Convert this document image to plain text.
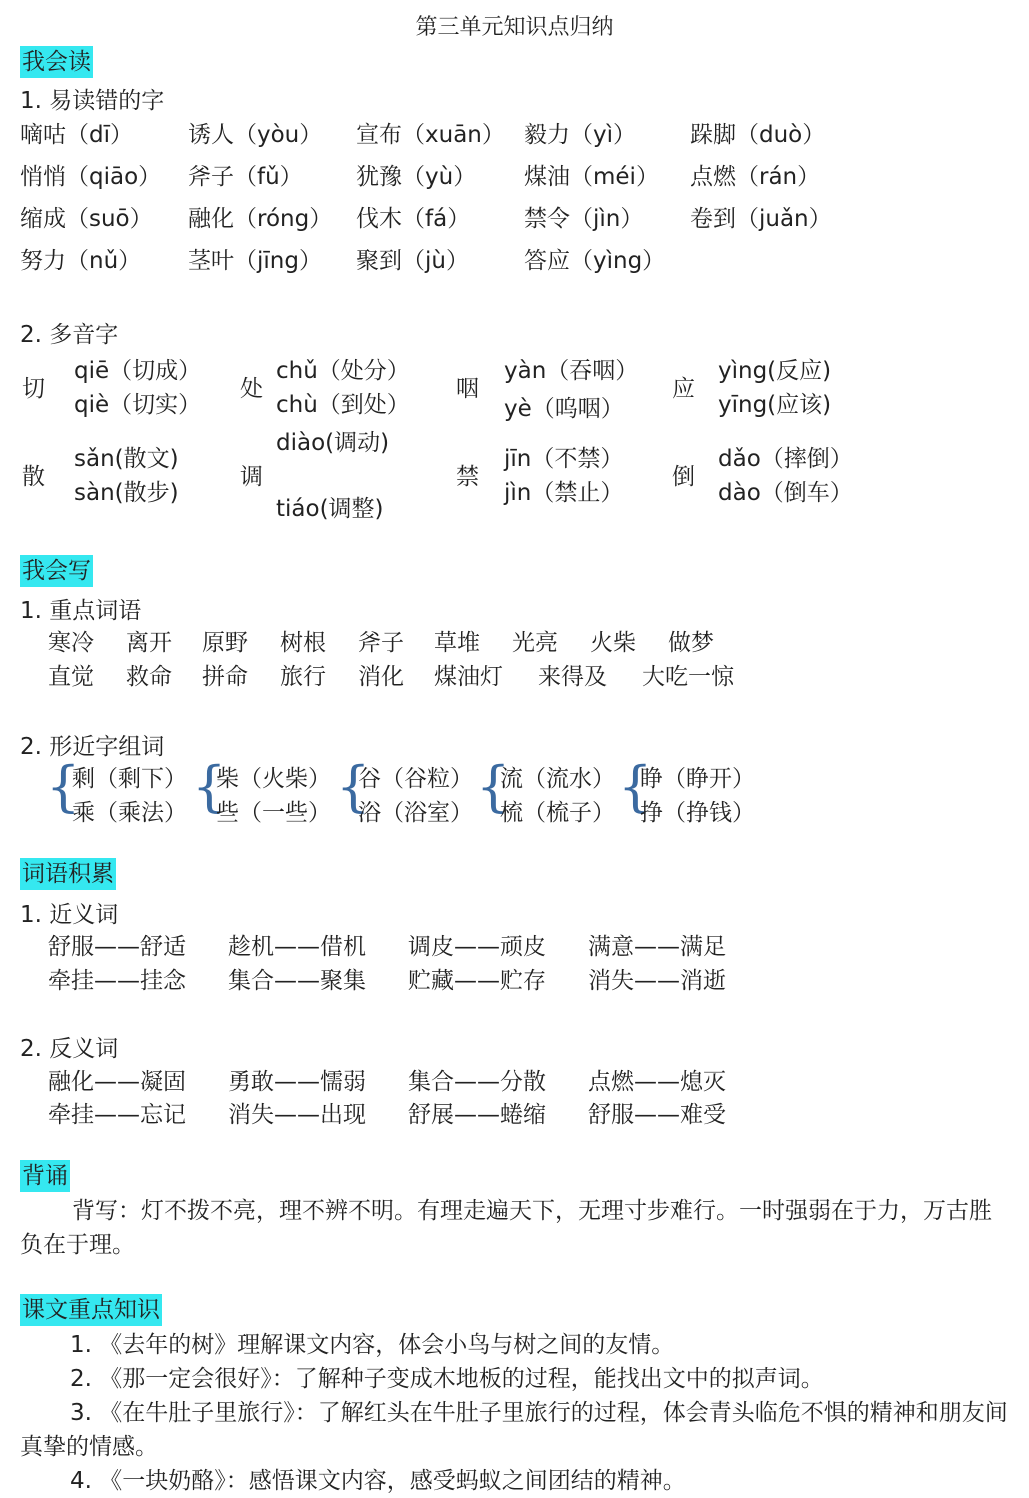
第三单元知识点归纳
我会读
1. 易读错的字
嘀咕（dī） 诱人（yòu） 宣布（xuān） 毅力（yì） 跺脚（duò）
悄悄（qiāo） 斧子（fǔ） 犹豫（yù） 煤油（méi） 点燃（rán）
缩成（suō） 融化（róng） 伐木（fá） 禁令（jìn） 卷到（juǎn）
努力（nǔ） 茎叶（jīng） 聚到（jù） 答应（yìng）
2. 多音字
切
qiē（切成）
qiè（切实）
处
chǔ（处分）
chù（到处）
咽
yàn（吞咽）
yè（呜咽）
应
yìng(反应)
yīng(应该)
散
sǎn(散文)
sàn(散步)
调
diào(调动)
tiáo(调整)
禁
jīn（不禁）
jìn（禁止）
倒
dǎo（摔倒）
dào（倒车）
我会写
1. 重点词语
寒冷 离开 原野 树根 斧子 草堆 光亮 火柴 做梦
直觉 救命 拼命 旅行 消化 煤油灯 来得及 大吃一惊
2. 形近字组词
{
剩（剩下）
乘（乘法） {
柴（火柴）
些（一些） {
谷（谷粒）
浴（浴室） {
流（流水）
梳（梳子） {
睁（睁开）
挣（挣钱）
词语积累
1. 近义词
舒服——舒适 趁机——借机 调皮——顽皮 满意——满足
牵挂——挂念 集合——聚集 贮藏——贮存 消失——消逝
2. 反义词
融化——凝固 勇敢——懦弱 集合——分散 点燃——熄灭
牵挂——忘记 消失——出现 舒展——蜷缩 舒服——难受
背诵
背写：灯不拨不亮，理不辨不明。有理走遍天下，无理寸步难行。一时强弱在于力，万古胜负在于理。
课文重点知识
1. 《去年的树》理解课文内容，体会小鸟与树之间的友情。
2. 《那一定会很好》：了解种子变成木地板的过程，能找出文中的拟声词。
3. 《在牛肚子里旅行》：了解红头在牛肚子里旅行的过程，体会青头临危不惧的精神和朋友间真挚的情感。
4. 《一块奶酪》：感悟课文内容，感受蚂蚁之间团结的精神。
